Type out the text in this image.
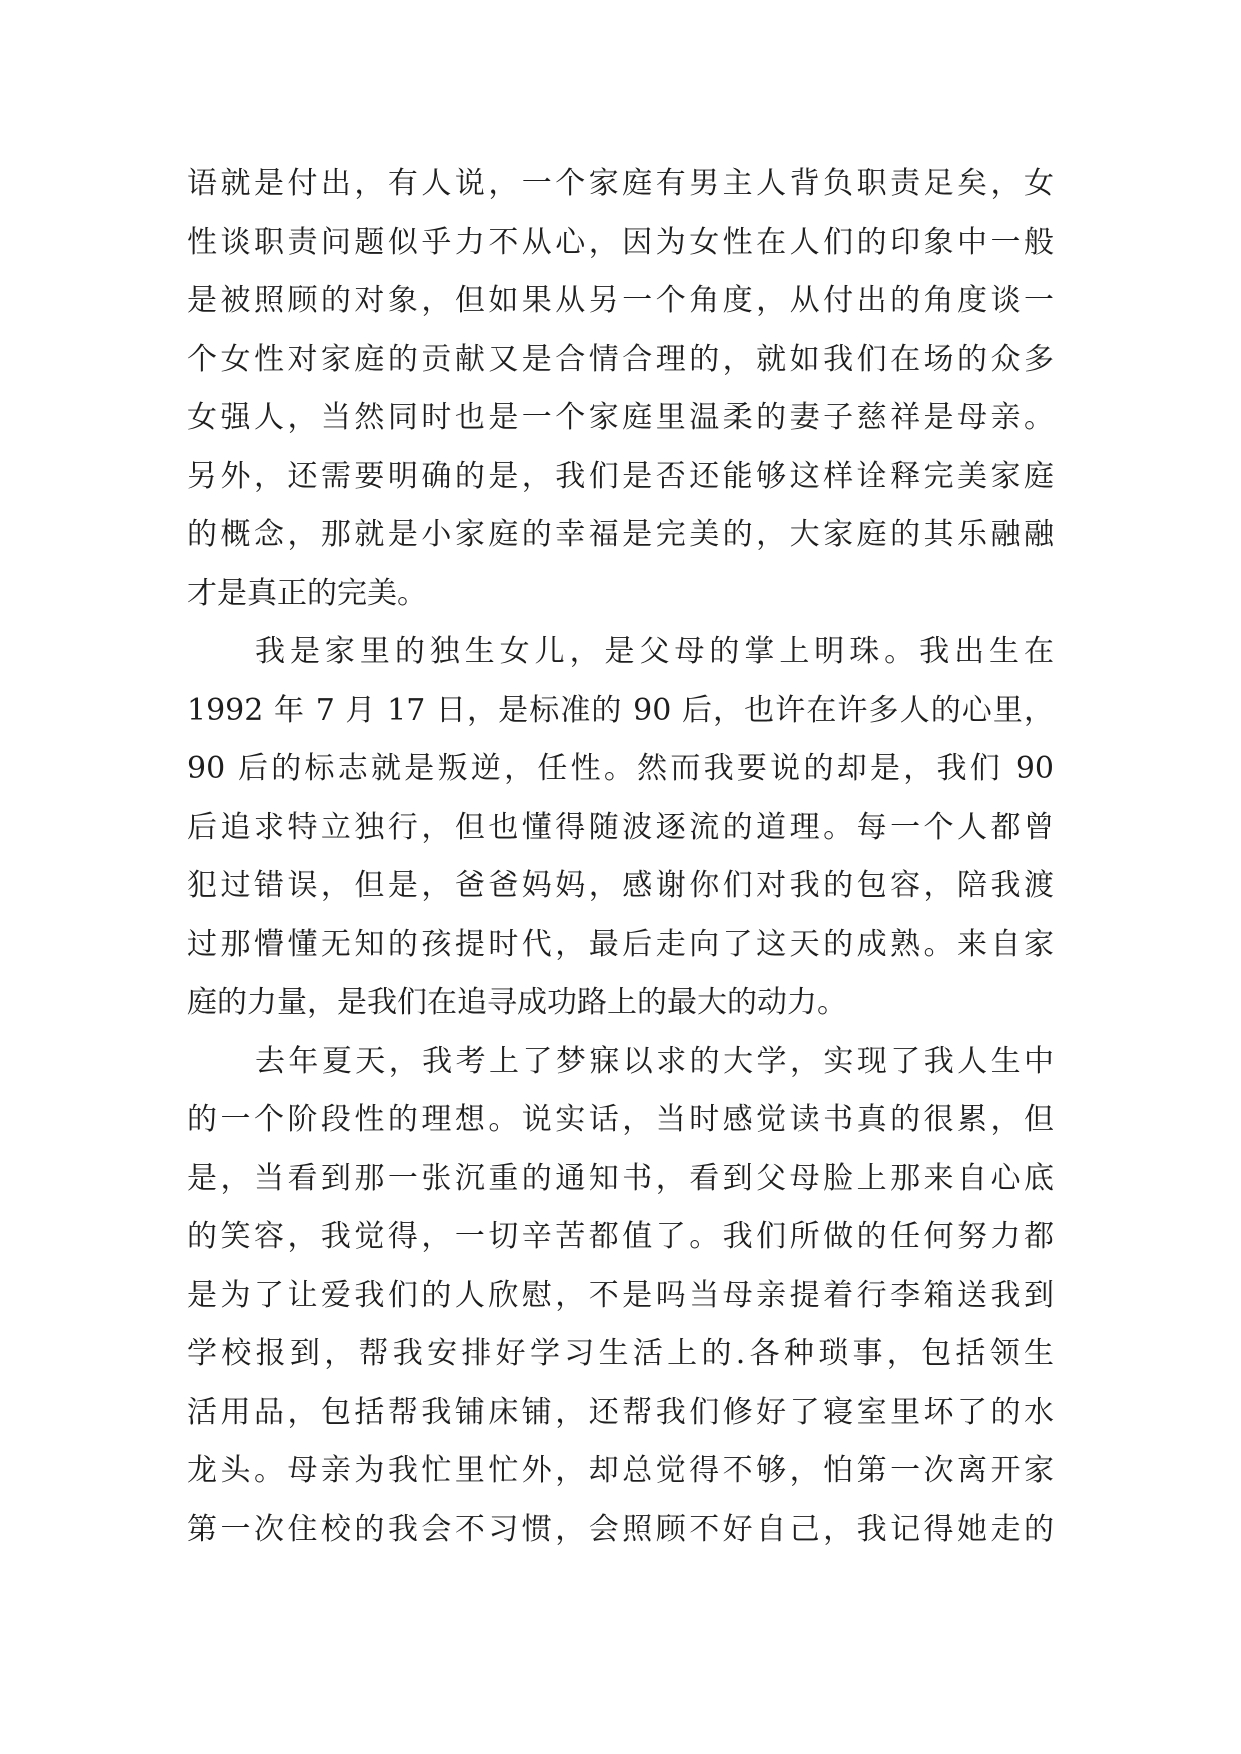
语就是付出，有人说，一个家庭有男主人背负职责足矣，女
性谈职责问题似乎力不从心，因为女性在人们的印象中一般
是被照顾的对象，但如果从另一个角度，从付出的角度谈一
个女性对家庭的贡献又是合情合理的，就如我们在场的众多
女强人，当然同时也是一个家庭里温柔的妻子慈祥是母亲。
另外，还需要明确的是，我们是否还能够这样诠释完美家庭
的概念，那就是小家庭的幸福是完美的，大家庭的其乐融融
才是真正的完美。
我是家里的独生女儿，是父母的掌上明珠。我出生在
1992 年 7 月 17 日，是标准的 90 后，也许在许多人的心里，
90 后的标志就是叛逆，任性。然而我要说的却是，我们 90
后追求特立独行，但也懂得随波逐流的道理。每一个人都曾
犯过错误，但是，爸爸妈妈，感谢你们对我的包容，陪我渡
过那懵懂无知的孩提时代，最后走向了这天的成熟。来自家
庭的力量，是我们在追寻成功路上的最大的动力。
去年夏天，我考上了梦寐以求的大学，实现了我人生中
的一个阶段性的理想。说实话，当时感觉读书真的很累，但
是，当看到那一张沉重的通知书，看到父母脸上那来自心底
的笑容，我觉得，一切辛苦都值了。我们所做的任何努力都
是为了让爱我们的人欣慰，不是吗当母亲提着行李箱送我到
学校报到，帮我安排好学习生活上的.各种琐事，包括领生
活用品，包括帮我铺床铺，还帮我们修好了寝室里坏了的水
龙头。母亲为我忙里忙外，却总觉得不够，怕第一次离开家
第一次住校的我会不习惯，会照顾不好自己，我记得她走的
